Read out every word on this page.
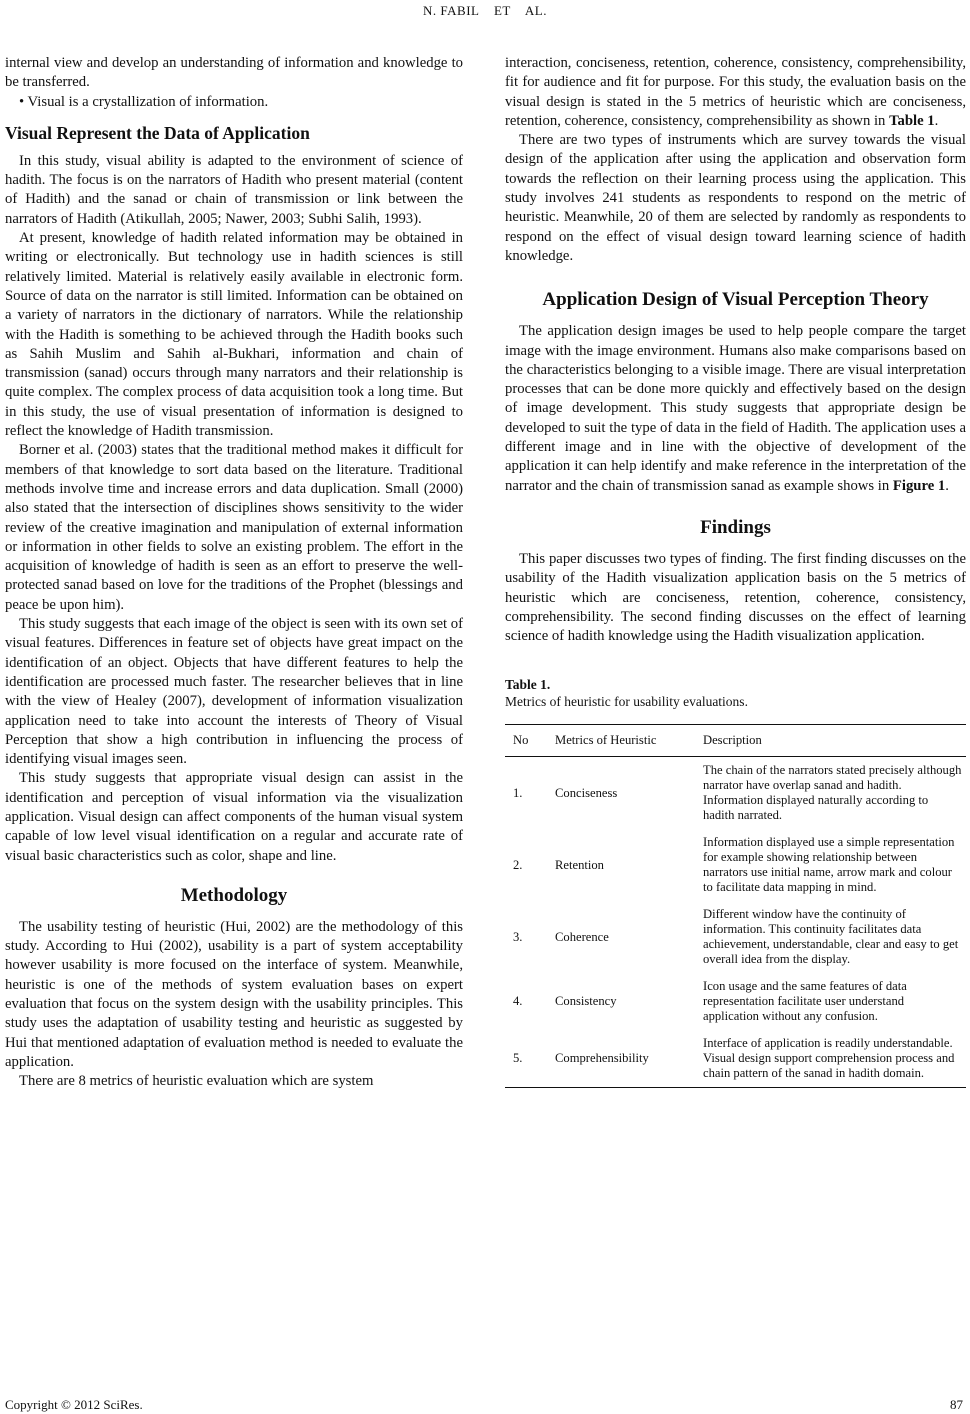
N. FABIL    ET    AL.

internal view and develop an understanding of information and knowledge to be transferred.

• Visual is a crystallization of information.

Visual Represent the Data of Application

In this study, visual ability is adapted to the environment of science of hadith. The focus is on the narrators of Hadith who present material (content of Hadith) and the sanad or chain of transmission or link between the narrators of Hadith (Atikullah, 2005; Nawer, 2003; Subhi Salih, 1993).

At present, knowledge of hadith related information may be obtained in writing or electronically. But technology use in hadith sciences is still relatively limited. Material is relatively easily available in electronic form. Source of data on the narrator is still limited. Information can be obtained on a variety of narrators in the dictionary of narrators. While the relationship with the Hadith is something to be achieved through the Hadith books such as Sahih Muslim and Sahih al-Bukhari, information and chain of transmission (sanad) occurs through many narrators and their relationship is quite complex. The complex process of data acquisition took a long time. But in this study, the use of visual presentation of information is designed to reflect the knowledge of Hadith transmission.

Borner et al. (2003) states that the traditional method makes it difficult for members of that knowledge to sort data based on the literature. Traditional methods involve time and increase errors and data duplication. Small (2000) also stated that the intersection of disciplines shows sensitivity to the wider review of the creative imagination and manipulation of external information or information in other fields to solve an existing problem. The effort in the acquisition of knowledge of hadith is seen as an effort to preserve the well-protected sanad based on love for the traditions of the Prophet (blessings and peace be upon him).

This study suggests that each image of the object is seen with its own set of visual features. Differences in feature set of objects have great impact on the identification of an object. Objects that have different features to help the identification are processed much faster. The researcher believes that in line with the view of Healey (2007), development of information visualization application need to take into account the interests of Theory of Visual Perception that show a high contribution in influencing the process of identifying visual images seen.

This study suggests that appropriate visual design can assist in the identification and perception of visual information via the visualization application. Visual design can affect components of the human visual system capable of low level visual identification on a regular and accurate rate of visual basic characteristics such as color, shape and line.

Methodology

The usability testing of heuristic (Hui, 2002) are the methodology of this study. According to Hui (2002), usability is a part of system acceptability however usability is more focused on the interface of system. Meanwhile, heuristic is one of the methods of system evaluation bases on expert evaluation that focus on the system design with the usability principles. This study uses the adaptation of usability testing and heuristic as suggested by Hui that mentioned adaptation of evaluation method is needed to evaluate the application.

There are 8 metrics of heuristic evaluation which are system

interaction, conciseness, retention, coherence, consistency, comprehensibility, fit for audience and fit for purpose. For this study, the evaluation basis on the visual design is stated in the 5 metrics of heuristic which are conciseness, retention, coherence, consistency, comprehensibility as shown in Table 1.

There are two types of instruments which are survey towards the visual design of the application after using the application and observation form towards the reflection on their learning process using the application. This study involves 241 students as respondents to respond on the metric of heuristic. Meanwhile, 20 of them are selected by randomly as respondents to respond on the effect of visual design toward learning science of hadith knowledge.

Application Design of Visual Perception Theory

The application design images be used to help people compare the target image with the image environment. Humans also make comparisons based on the characteristics belonging to a visible image. There are visual interpretation processes that can be done more quickly and effectively based on the design of image development. This study suggests that appropriate design be developed to suit the type of data in the field of Hadith. The application uses a different image and in line with the objective of development of the application it can help identify and make reference in the interpretation of the narrator and the chain of transmission sanad as example shows in Figure 1.

Findings

This paper discusses two types of finding. The first finding discusses on the usability of the Hadith visualization application basis on the 5 metrics of heuristic which are conciseness, retention, coherence, consistency, comprehensibility. The second finding discusses on the effect of learning science of hadith knowledge using the Hadith visualization application.

Table 1.
Metrics of heuristic for usability evaluations.
No	Metrics of Heuristic	Description
1.	Conciseness	The chain of the narrators stated precisely although narrator have overlap sanad and hadith. Information displayed naturally according to hadith narrated.
2.	Retention	Information displayed use a simple representation for example showing relationship between narrators use initial name, arrow mark and colour to facilitate data mapping in mind.
3.	Coherence	Different window have the continuity of information. This continuity facilitates data achievement, understandable, clear and easy to get overall idea from the display.
4.	Consistency	Icon usage and the same features of data representation facilitate user understand application without any confusion.
5.	Comprehensibility	Interface of application is readily understandable. Visual design support comprehension process and chain pattern of the sanad in hadith domain.
Copyright © 2012 SciRes.	87
